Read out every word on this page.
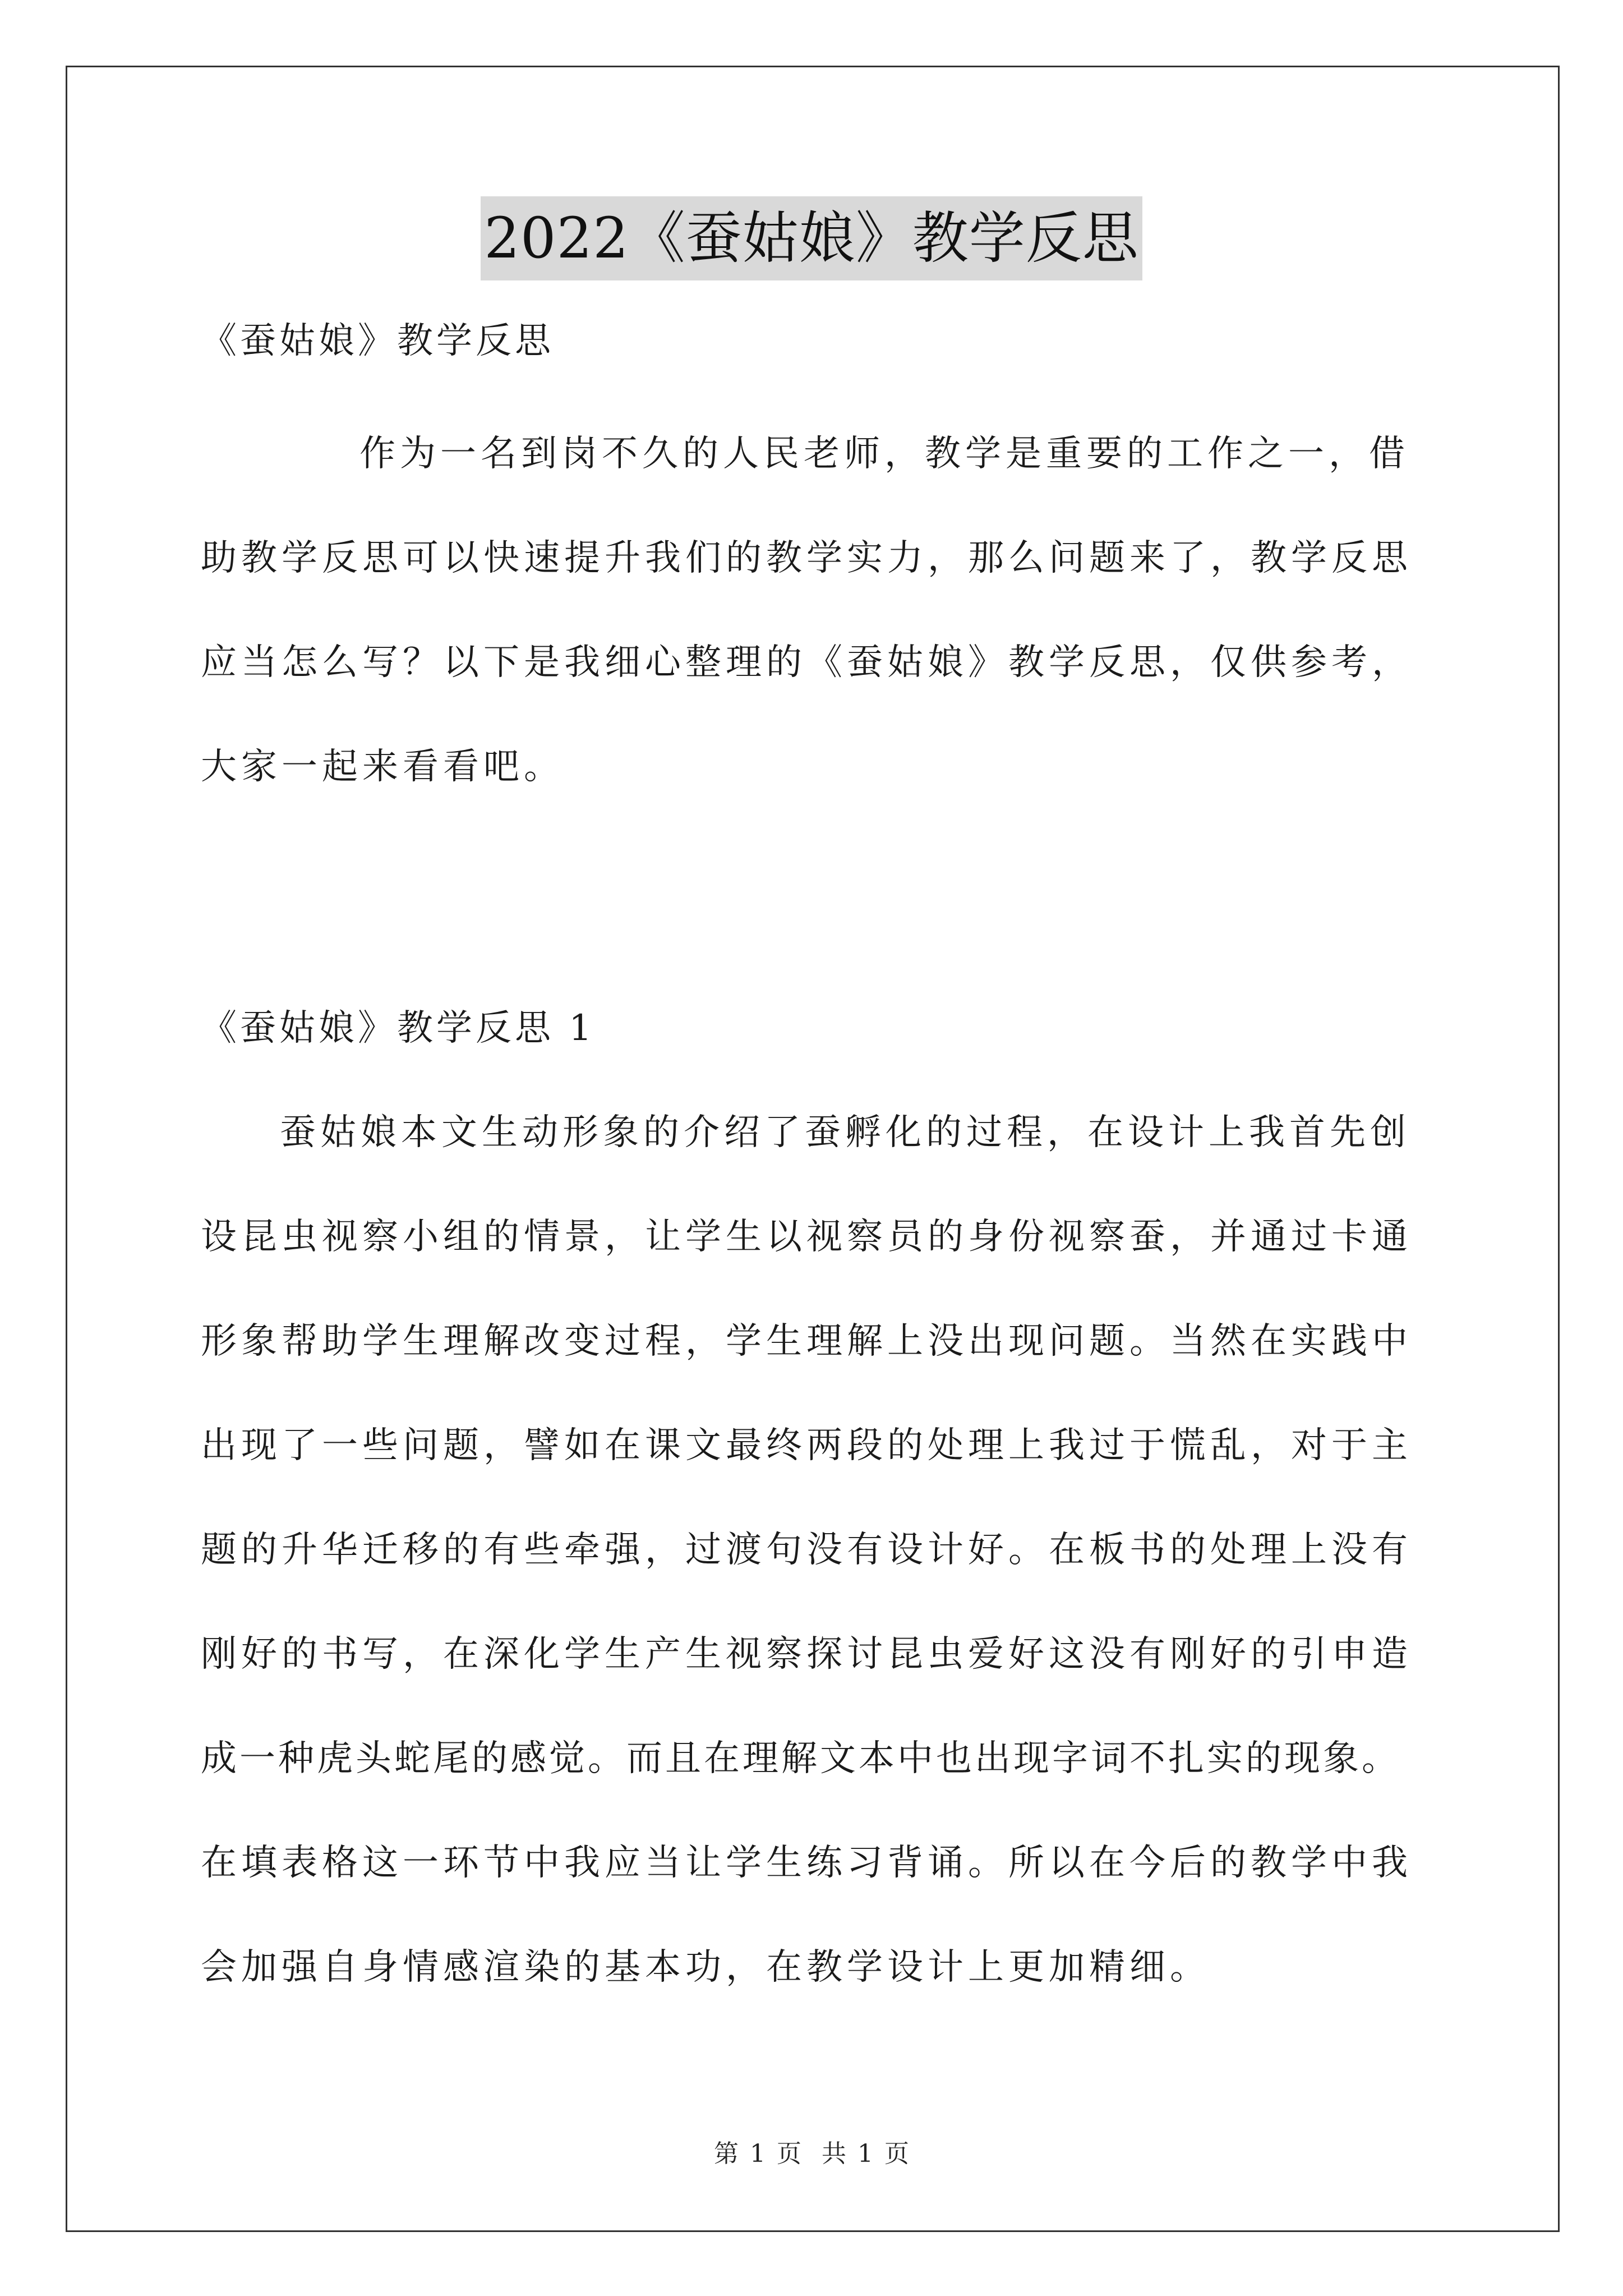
2022《蚕姑娘》教学反思
《蚕姑娘》教学反思
作为一名到岗不久的人民老师，教学是重要的工作之一，借
助教学反思可以快速提升我们的教学实力，那么问题来了，教学反思
应当怎么写？以下是我细心整理的《蚕姑娘》教学反思，仅供参考，
大家一起来看看吧。
《蚕姑娘》教学反思 1
蚕姑娘本文生动形象的介绍了蚕孵化的过程，在设计上我首先创
设昆虫视察小组的情景，让学生以视察员的身份视察蚕，并通过卡通
形象帮助学生理解改变过程，学生理解上没出现问题。当然在实践中
出现了一些问题，譬如在课文最终两段的处理上我过于慌乱，对于主
题的升华迁移的有些牵强，过渡句没有设计好。在板书的处理上没有
刚好的书写，在深化学生产生视察探讨昆虫爱好这没有刚好的引申造
成一种虎头蛇尾的感觉。而且在理解文本中也出现字词不扎实的现象。
在填表格这一环节中我应当让学生练习背诵。所以在今后的教学中我
会加强自身情感渲染的基本功，在教学设计上更加精细。
第 1 页 共 1 页
